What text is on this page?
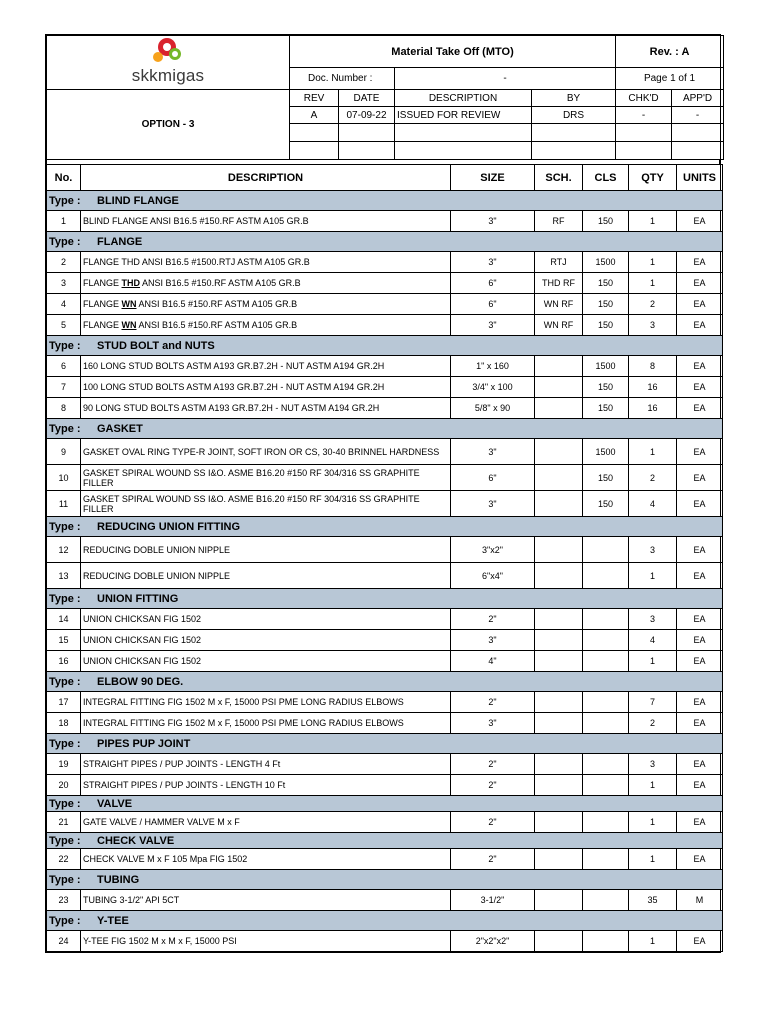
skkmigas	Material Take Off (MTO)				Rev. : A	
	Doc. Number :		-		Page 1 of 1	
OPTION - 3	REV	DATE	DESCRIPTION	BY	CHK'D	APP'D
	A	07-09-22	ISSUED FOR REVIEW	DRS	-	-

No.	DESCRIPTION	SIZE	SCH.	CLS	QTY	UNITS
Type : BLIND FLANGE						
1	BLIND FLANGE ANSI B16.5 #150.RF ASTM A105 GR.B	3"	RF	150	1	EA
Type : FLANGE						
2	FLANGE THD ANSI B16.5 #1500.RTJ ASTM A105 GR.B	3"	RTJ	1500	1	EA
3	FLANGE THD ANSI B16.5 #150.RF ASTM A105 GR.B	6"	THD RF	150	1	EA
4	FLANGE WN ANSI B16.5 #150.RF ASTM A105 GR.B	6"	WN RF	150	2	EA
5	FLANGE WN ANSI B16.5 #150.RF ASTM A105 GR.B	3"	WN RF	150	3	EA
Type : STUD BOLT and NUTS						
6	160 LONG STUD BOLTS ASTM A193 GR.B7.2H - NUT ASTM A194 GR.2H	1" x 160		1500	8	EA
7	100 LONG STUD BOLTS ASTM A193 GR.B7.2H - NUT ASTM A194 GR.2H	3/4" x 100		150	16	EA
8	90 LONG STUD BOLTS ASTM A193 GR.B7.2H - NUT ASTM A194 GR.2H	5/8" x 90		150	16	EA
Type : GASKET						
9	GASKET OVAL RING TYPE-R JOINT, SOFT IRON OR CS, 30-40 BRINNEL HARDNESS	3"		1500	1	EA
10	GASKET SPIRAL WOUND SS I&O. ASME B16.20 #150 RF 304/316 SS GRAPHITE FILLER	6"		150	2	EA
11	GASKET SPIRAL WOUND SS I&O. ASME B16.20 #150 RF 304/316 SS GRAPHITE FILLER	3"		150	4	EA
Type : REDUCING UNION FITTING						
12	REDUCING DOBLE UNION NIPPLE	3"x2"			3	EA
13	REDUCING DOBLE UNION NIPPLE	6"x4"			1	EA
Type : UNION FITTING						
14	UNION CHICKSAN FIG 1502	2"			3	EA
15	UNION CHICKSAN FIG 1502	3"			4	EA
16	UNION CHICKSAN FIG 1502	4"			1	EA
Type : ELBOW 90 DEG.						
17	INTEGRAL FITTING FIG 1502 M x F, 15000 PSI PME LONG RADIUS ELBOWS	2"			7	EA
18	INTEGRAL FITTING FIG 1502 M x F, 15000 PSI PME LONG RADIUS ELBOWS	3"			2	EA
Type : PIPES PUP JOINT						
19	STRAIGHT PIPES / PUP JOINTS - LENGTH 4 Ft	2"			3	EA
20	STRAIGHT PIPES / PUP JOINTS - LENGTH 10 Ft	2"			1	EA
Type : VALVE						
21	GATE VALVE / HAMMER VALVE M x F	2"			1	EA
Type : CHECK VALVE						
22	CHECK VALVE M x F 105 Mpa FIG 1502	2"			1	EA
Type : TUBING						
23	TUBING 3-1/2" API 5CT	3-1/2"			35	M
Type : Y-TEE						
24	Y-TEE FIG 1502 M x M x F, 15000 PSI	2"x2"x2"			1	EA
